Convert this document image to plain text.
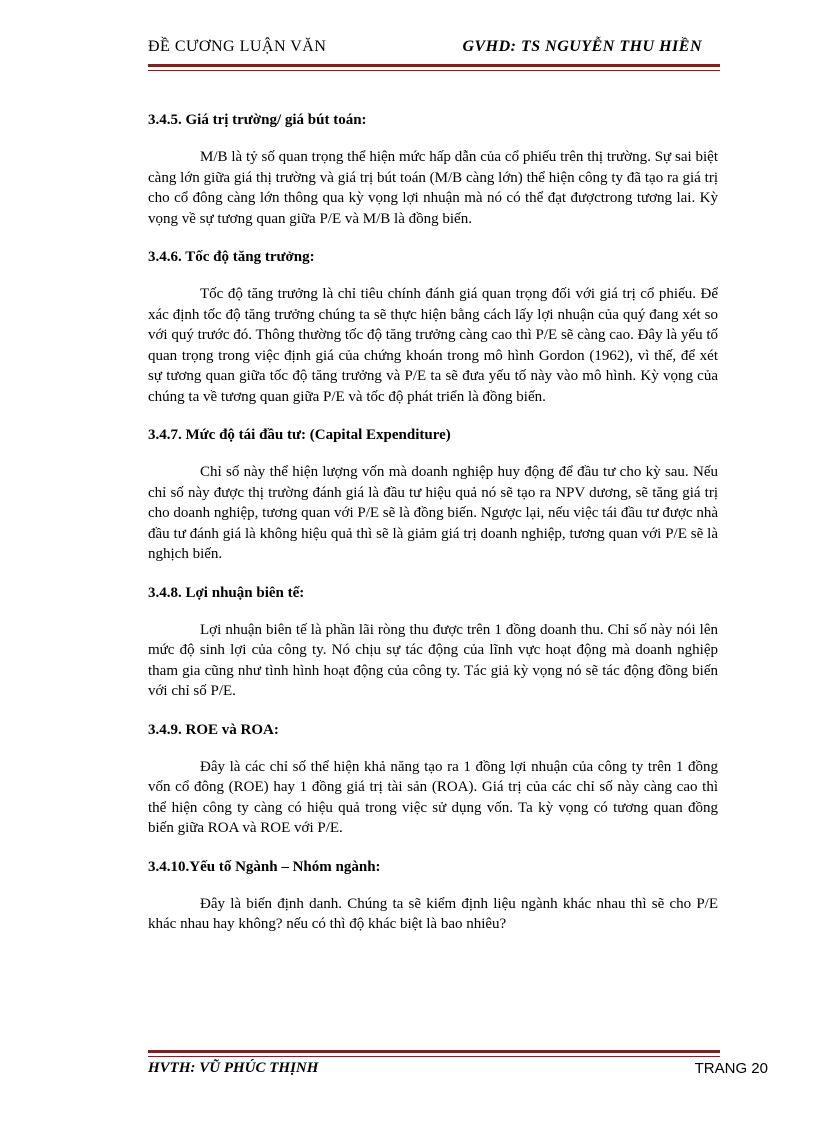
ĐỀ CƯƠNG LUẬN VĂN	GVHD: TS NGUYỄN THU HIỀN

3.4.5. Giá trị trường/ giá bút toán:

M/B là tỷ số quan trọng thể hiện mức hấp dẫn của cổ phiếu trên thị trường. Sự sai biệt càng lớn giữa giá thị trường và giá trị bút toán (M/B càng lớn) thể hiện công ty đã tạo ra giá trị cho cổ đông càng lớn thông qua kỳ vọng lợi nhuận mà nó có thể đạt đượctrong tương lai. Kỳ vọng về sự tương quan giữa P/E và M/B là đồng biến.

3.4.6. Tốc độ tăng trưởng:

Tốc độ tăng trưởng là chỉ tiêu chính đánh giá quan trọng đối với giá trị cổ phiếu. Để xác định tốc độ tăng trưởng chúng ta sẽ thực hiện bằng cách lấy lợi nhuận của quý đang xét so với quý trước đó. Thông thường tốc độ tăng trưởng càng cao thì P/E sẽ càng cao. Đây là yếu tố quan trọng trong việc định giá của chứng khoán trong mô hình Gordon (1962), vì thế, để xét sự tương quan giữa tốc độ tăng trưởng và P/E ta sẽ đưa yếu tố này vào mô hình. Kỳ vọng của chúng ta về tương quan giữa P/E và tốc độ phát triển là đồng biến.

3.4.7. Mức độ tái đầu tư: (Capital Expenditure)

Chỉ số này thể hiện lượng vốn mà doanh nghiệp huy động để đầu tư cho kỳ sau. Nếu chỉ số này được thị trường đánh giá là đầu tư hiệu quả nó sẽ tạo ra NPV dương, sẽ tăng giá trị cho doanh nghiệp, tương quan với P/E sẽ là đồng biến. Ngược lại, nếu việc tái đầu tư được nhà đầu tư đánh giá là không hiệu quả thì sẽ là giảm giá trị doanh nghiệp, tương quan với P/E sẽ là nghịch biến.

3.4.8. Lợi nhuận biên tế:

Lợi nhuận biên tế là phần lãi ròng thu được trên 1 đồng doanh thu. Chỉ số này nói lên mức độ sinh lợi của công ty. Nó chịu sự tác động của lĩnh vực hoạt động mà doanh nghiệp tham gia cũng như tình hình hoạt động của công ty. Tác giả kỳ vọng nó sẽ tác động đồng biến với chỉ số P/E.

3.4.9. ROE và ROA:

Đây là các chỉ số thể hiện khả năng tạo ra 1 đồng lợi nhuận của công ty trên 1 đồng vốn cổ đông (ROE) hay 1 đồng giá trị tài sản (ROA). Giá trị của các chỉ số này càng cao thì thể hiện công ty càng có hiệu quả trong việc sử dụng vốn. Ta kỳ vọng có tương quan đồng biến giữa ROA và ROE với P/E.

3.4.10.Yếu tố Ngành – Nhóm ngành:

Đây là biến định danh. Chúng ta sẽ kiểm định liệu ngành khác nhau thì sẽ cho P/E khác nhau hay không? nếu có thì độ khác biệt là bao nhiêu?

HVTH: VŨ PHÚC THỊNH	TRANG 20
